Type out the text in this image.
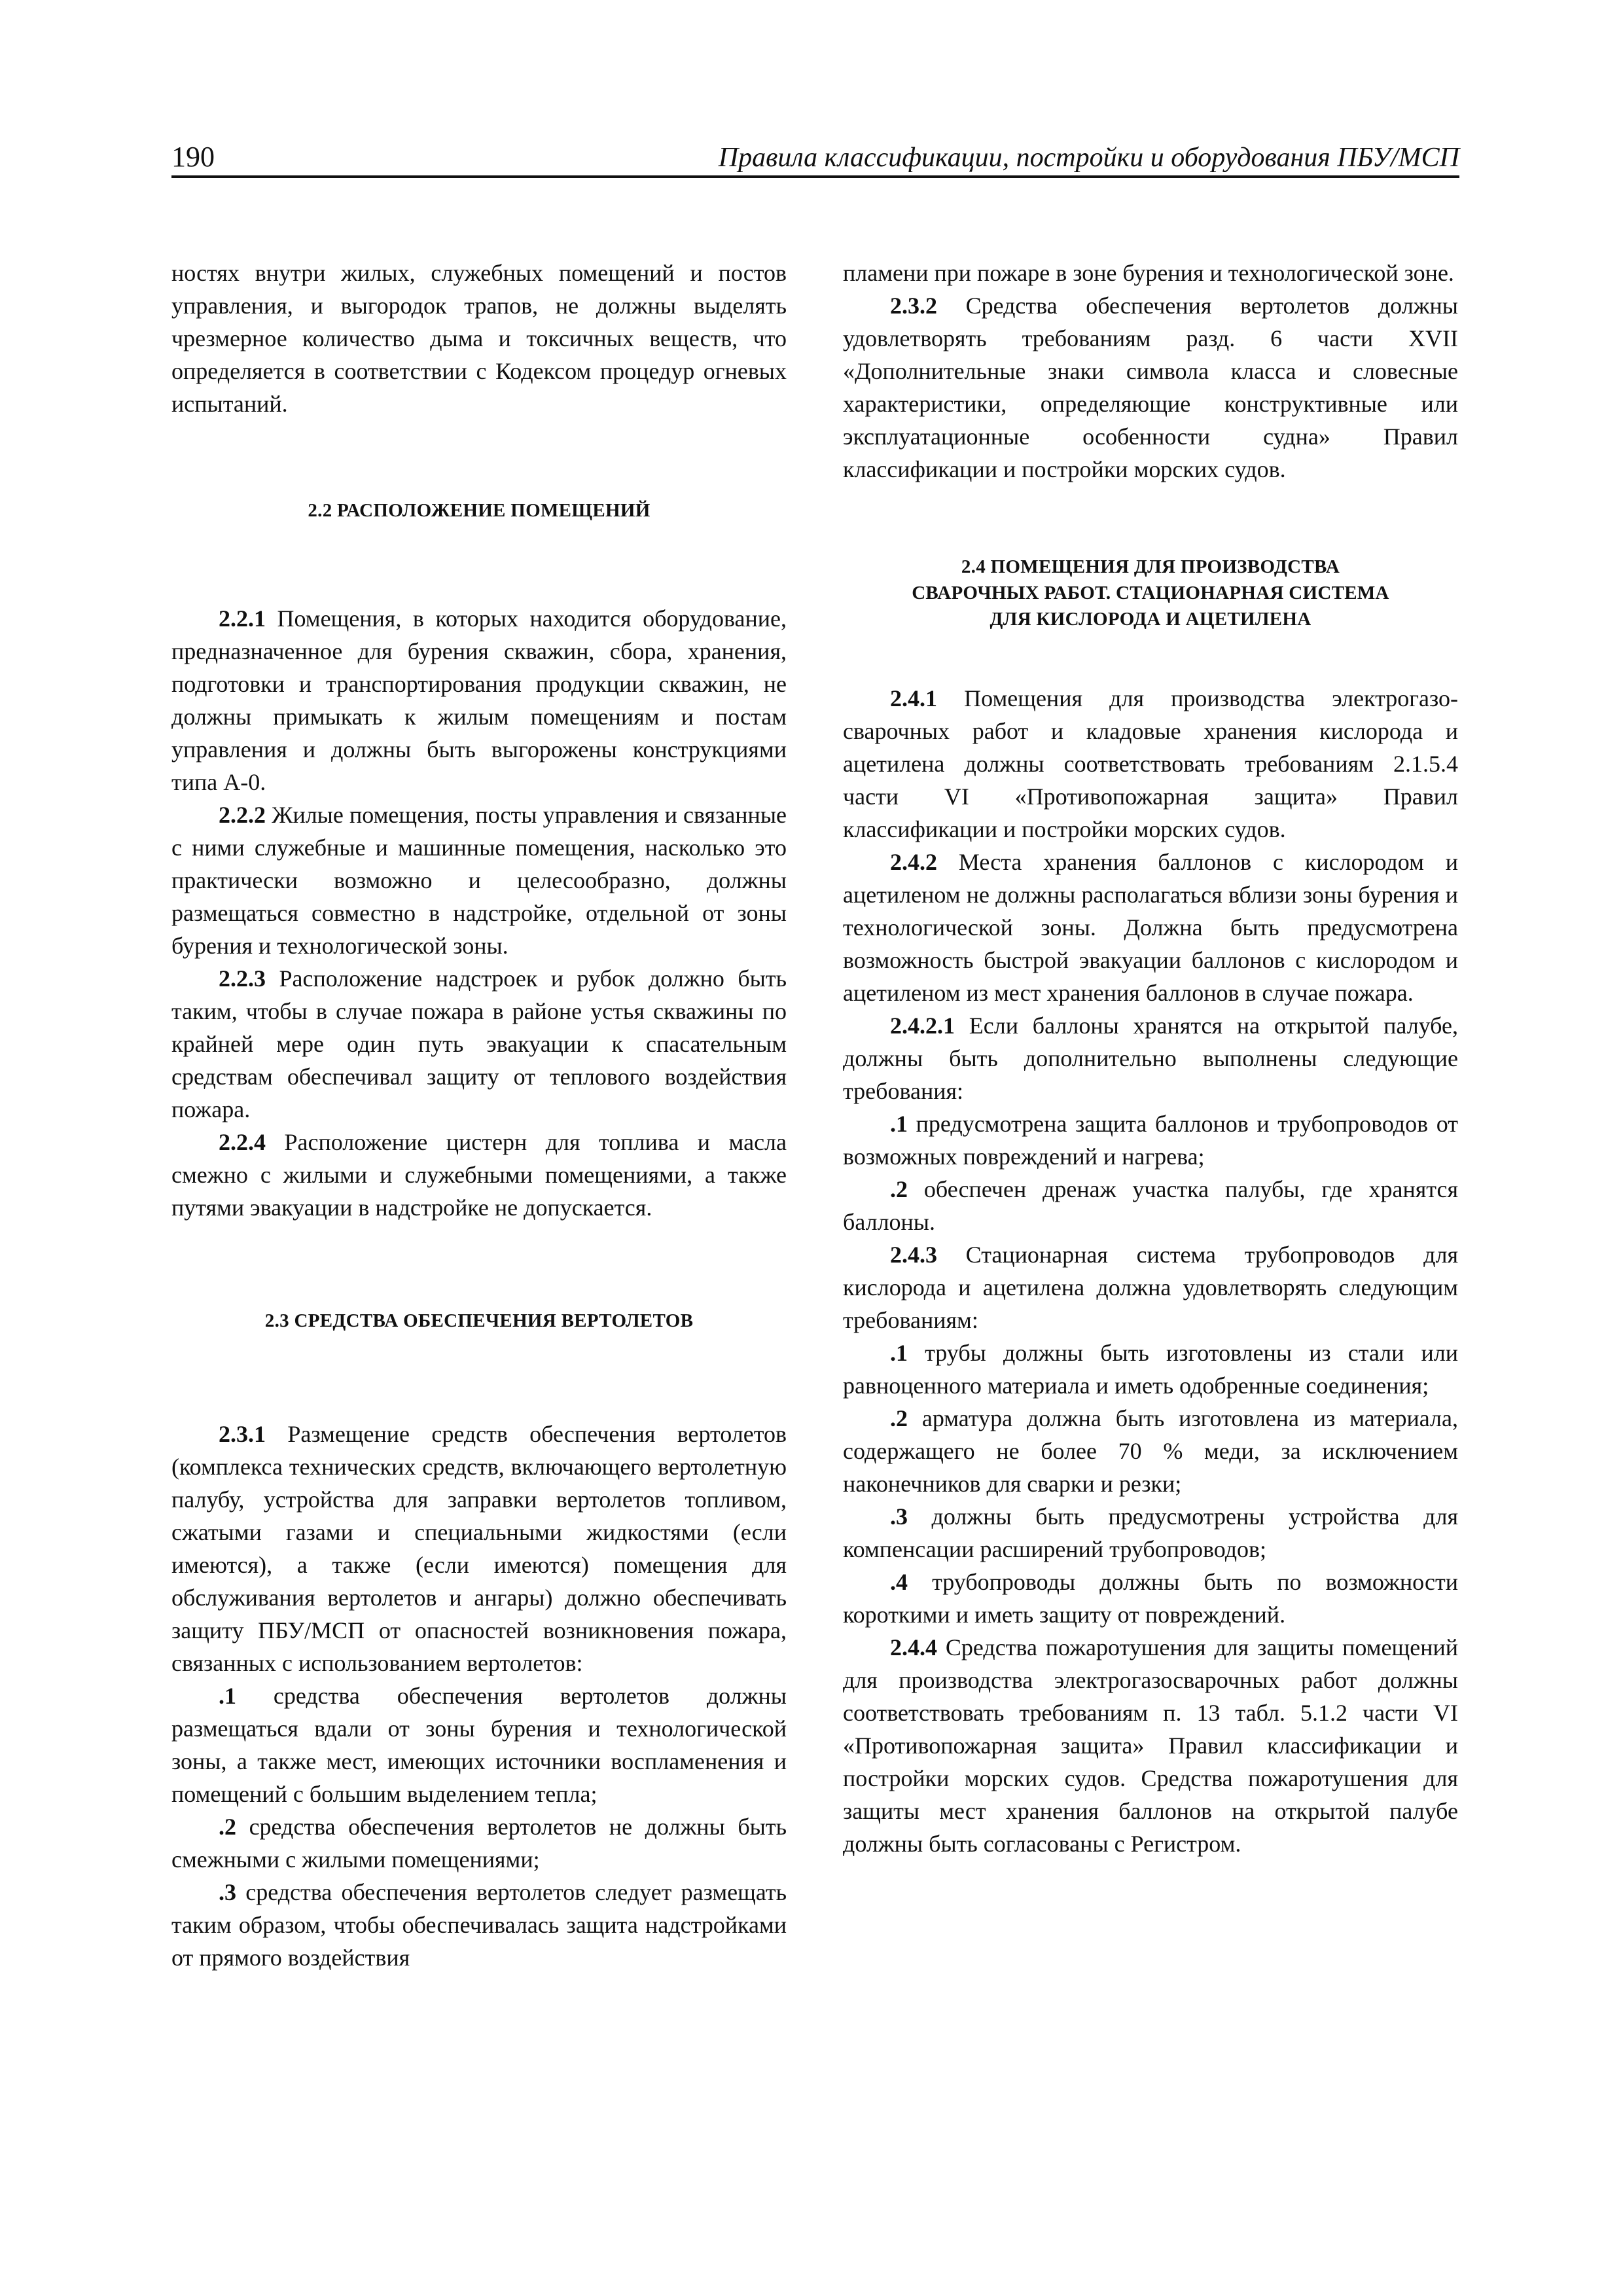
190	Правила классификации, постройки и оборудования ПБУ/МСП

ностях внутри жилых, служебных помещений и постов управления, и выгородок трапов, не должны выделять чрезмерное количество дыма и токсичных веществ, что определяется в соответствии с Кодексом процедур огневых испытаний.

2.2 РАСПОЛОЖЕНИЕ ПОМЕЩЕНИЙ

2.2.1 Помещения, в которых находится оборудование, предназначенное для бурения скважин, сбора, хранения, подготовки и транспортирования продукции скважин, не должны примыкать к жилым помещениям и постам управления и должны быть выгорожены конструкциями типа А-0.

2.2.2 Жилые помещения, посты управления и связанные с ними служебные и машинные помещения, насколько это практически возможно и целесообразно, должны размещаться совместно в надстройке, отдельной от зоны бурения и технологической зоны.

2.2.3 Расположение надстроек и рубок должно быть таким, чтобы в случае пожара в районе устья скважины по крайней мере один путь эвакуации к спасательным средствам обеспечивал защиту от теплового воздействия пожара.

2.2.4 Расположение цистерн для топлива и масла смежно с жилыми и служебными помещениями, а также путями эвакуации в надстройке не допускается.

2.3 СРЕДСТВА ОБЕСПЕЧЕНИЯ ВЕРТОЛЕТОВ

2.3.1 Размещение средств обеспечения вертолетов (комплекса технических средств, включающего вертолетную палубу, устройства для заправки вертолетов топливом, сжатыми газами и специальными жидкостями (если имеются), а также (если имеются) помещения для обслуживания вертолетов и ангары) должно обеспечивать защиту ПБУ/МСП от опасностей возникновения пожара, связанных с использованием вертолетов:

.1 средства обеспечения вертолетов должны размещаться вдали от зоны бурения и технологической зоны, а также мест, имеющих источники воспламенения и помещений с большим выделением тепла;

.2 средства обеспечения вертолетов не должны быть смежными с жилыми помещениями;

.3 средства обеспечения вертолетов следует размещать таким образом, чтобы обеспечивалась защита надстройками от прямого воздействия

пламени при пожаре в зоне бурения и технологической зоне.

2.3.2 Средства обеспечения вертолетов должны удовлетворять требованиям разд. 6 части XVII «Дополнительные знаки символа класса и словесные характеристики, определяющие конструктивные или эксплуатационные особенности судна» Правил классификации и постройки морских судов.

2.4 ПОМЕЩЕНИЯ ДЛЯ ПРОИЗВОДСТВА
СВАРОЧНЫХ РАБОТ. СТАЦИОНАРНАЯ СИСТЕМА
ДЛЯ КИСЛОРОДА И АЦЕТИЛЕНА

2.4.1 Помещения для производства электрогазосварочных работ и кладовые хранения кислорода и ацетилена должны соответствовать требованиям 2.1.5.4 части VI «Противопожарная защита» Правил классификации и постройки морских судов.

2.4.2 Места хранения баллонов с кислородом и ацетиленом не должны располагаться вблизи зоны бурения и технологической зоны. Должна быть предусмотрена возможность быстрой эвакуации баллонов с кислородом и ацетиленом из мест хранения баллонов в случае пожара.

2.4.2.1 Если баллоны хранятся на открытой палубе, должны быть дополнительно выполнены следующие требования:

.1 предусмотрена защита баллонов и трубопроводов от возможных повреждений и нагрева;

.2 обеспечен дренаж участка палубы, где хранятся баллоны.

2.4.3 Стационарная система трубопроводов для кислорода и ацетилена должна удовлетворять следующим требованиям:

.1 трубы должны быть изготовлены из стали или равноценного материала и иметь одобренные соединения;

.2 арматура должна быть изготовлена из материала, содержащего не более 70 % меди, за исключением наконечников для сварки и резки;

.3 должны быть предусмотрены устройства для компенсации расширений трубопроводов;

.4 трубопроводы должны быть по возможности короткими и иметь защиту от повреждений.

2.4.4 Средства пожаротушения для защиты помещений для производства электрогазосварочных работ должны соответствовать требованиям п. 13 табл. 5.1.2 части VI «Противопожарная защита» Правил классификации и постройки морских судов. Средства пожаротушения для защиты мест хранения баллонов на открытой палубе должны быть согласованы с Регистром.
